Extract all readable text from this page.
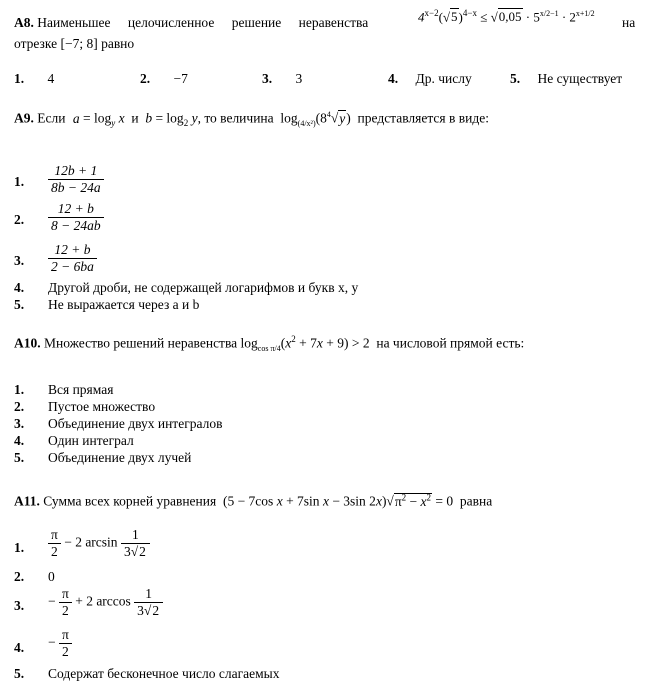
A8. Наименьшее целочисленное решение неравенства	$4^{x-2}(√5)^{4-x} \le √0,05 \cdot 5^{x/2-1} \cdot 2^{x+1/2}$
на
отрезке [−7; 8] равно
1. 4	2. −7	3. 3	4. Др. числу	5. Не существует
A9. Если $a = \log_y x$  и  $b = \log_2 y$, то величина  $\log_{(4/x^2)}(8^4√y)$  представляется в виде:
1. $\frac{12b + 1}{8b - 24a}$
2. $\frac{12 + b}{8 - 24ab}$
3. $\frac{12 + b}{2 - 6ba}$
4. Другой дроби, не содержащей логарифмов и букв x, y
5. Не выражается через a и b
A10. Множество решений неравенства $\log_{cos \pi/4}(x^2 + 7x + 9) > 2$  на числовой прямой есть:
1. Вся прямая
2. Пустое множество
3. Объединение двух интегралов
4. Один интеграл
5. Объединение двух лучей
A11. Сумма всех корней уравнения  (5 − 7cos x + 7sin x − 3sin $2x)√\pi^2 - x^2 = 0$  равна
1. $\frac{\pi}{2} - 2$ $\arcsin \frac{1}{3√2}$
2. 0
3. − $\frac{\pi}{2} + 2$ $\arccos \frac{1}{3√2}$
4. − $\frac{\pi}{2}$
5. Содержат бесконечное число слагаемых
